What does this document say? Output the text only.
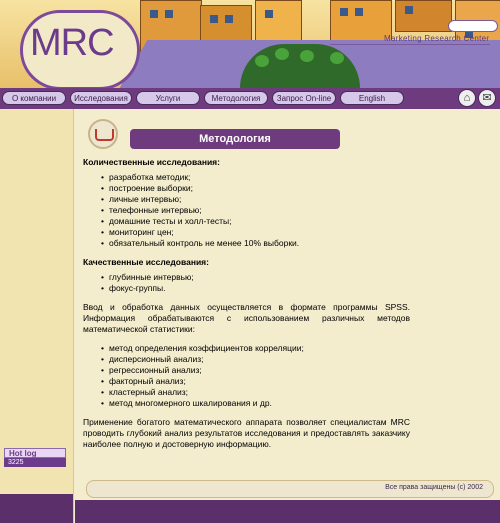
MRC	Marketing Research Center
О компании	Исследования	Услуги	Методология	Запрос On-line	English	⌂	✉
Hot log
3225
Методология
Количественные исследования:
• разработка методик;
• построение выборки;
• личные интервью;
• телефонные интервью;
• домашние тесты и холл-тесты;
• мониторинг цен;
• обязательный контроль не менее 10% выборки.
Качественные исследования:
• глубинные интервью;
• фокус-группы.

Ввод и обработка данных осуществляется в формате программы SPSS. Информация обрабатываются с использованием различных методов математической статистики:

• метод определения коэффициентов корреляции;
• дисперсионный анализ;
• регрессионный анализ;
• факторный анализ;
• кластерный анализ;
• метод многомерного шкалирования и др.

Применение богатого математического аппарата позволяет специалистам MRC проводить глубокий анализ результатов исследования и предоставлять заказчику наиболее полную и достоверную информацию.

Все права защищены (с) 2002
